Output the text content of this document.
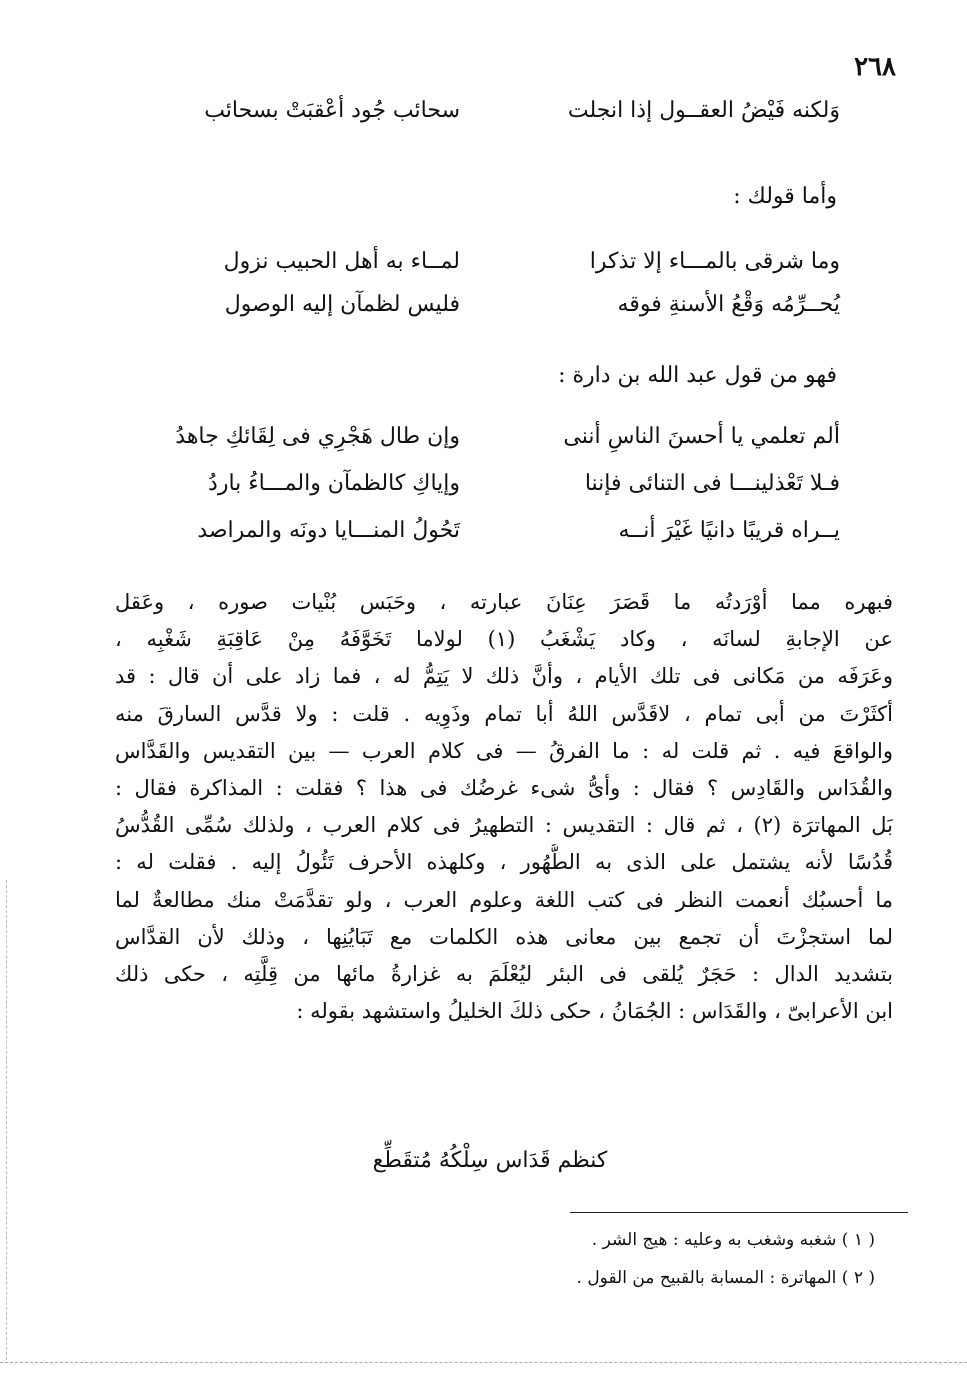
٢٦٨
وَلكنه فَيْضُ العقــول إذا انجلت
سحائب جُود أعْقبَتْ بسحائب
وأما قولك :
وما شرقى بالمـــاء إلا تذكرا
لمــاء به أهل الحبيب نزول
يُحــرِّمُه وَقْعُ الأسنةِ فوقه
فليس لظمآن إليه الوصول
فهو من قول عبد الله بن دارة :
ألم تعلمي يا أحسنَ الناسِ أننى
وإن طال هَجْرِي فى لِقَائكِ جاهدُ
فـلا تَعْذلينـــا فى التنائى فإننا
وإياكِ كالظمآن والمـــاءُ باردُ
يــراه قريبًا دانيًا غَيْرَ أنــه
تَحُولُ المنـــايا دونَه والمراصد
فبهره مما أوْرَدتُه ما قَصَرَ عِنَانَ عبارته ، وحَبَس بُنْيات صوره ، وعَقل
عن الإجابةِ لسانَه ، وكاد يَشْغَبُ (١) لولاما تَخَوَّفَهُ مِنْ عَاقِبَةِ شَغْبِه ،
وعَرَفَه من مَكانى فى تلك الأيام ، وأنَّ ذلك لا يَتِمُّ له ، فما زاد على أن قال : قد
أكثَرْتَ من أبى تمام ، لاقَدَّس اللهُ أبا تمام وذَوِيه . قلت : ولا قدَّس السارقَ منه
والواقعَ فيه . ثم قلت له : ما الفرقُ — فى كلام العرب — بين التقديس والقَدَّاس
والقُدَاس والقَادِس ؟ فقال : وأىُّ شىء غرضُك فى هذا ؟ فقلت : المذاكرة فقال :
بَل المهاترَة (٢) ، ثم قال : التقديس : التطهيرُ فى كلام العرب ، ولذلك سُمِّى القُدُّسُ
قُدُسًا لأنه يشتمل على الذى به الطُّهُور ، وكلهذه الأحرف تَئُولُ إليه . فقلت له :
ما أحسبُك أنعمت النظر فى كتب اللغة وعلوم العرب ، ولو تقدَّمَتْ منك مطالعةٌ لما
لما استجزْتَ أن تجمع بين معانى هذه الكلمات مع تَبَايُنِها ، وذلك لأن القدَّاس
بتشديد الدال : حَجَرٌ يُلقى فى البئر ليُعْلَمَ به غزارةُ مائها من قِلَّتِه ، حكى ذلك
ابن الأعرابىّ ، والقَدَاس : الجُمَانُ ، حكى ذلكَ الخليلُ واستشهد بقوله :
كنظم قَدَاس سِلْكُهُ مُتقَطِّع
( ١ ) شغبه وشغب به وعليه : هيج الشر .
( ٢ ) المهاترة : المسابة بالقبيح من القول .
